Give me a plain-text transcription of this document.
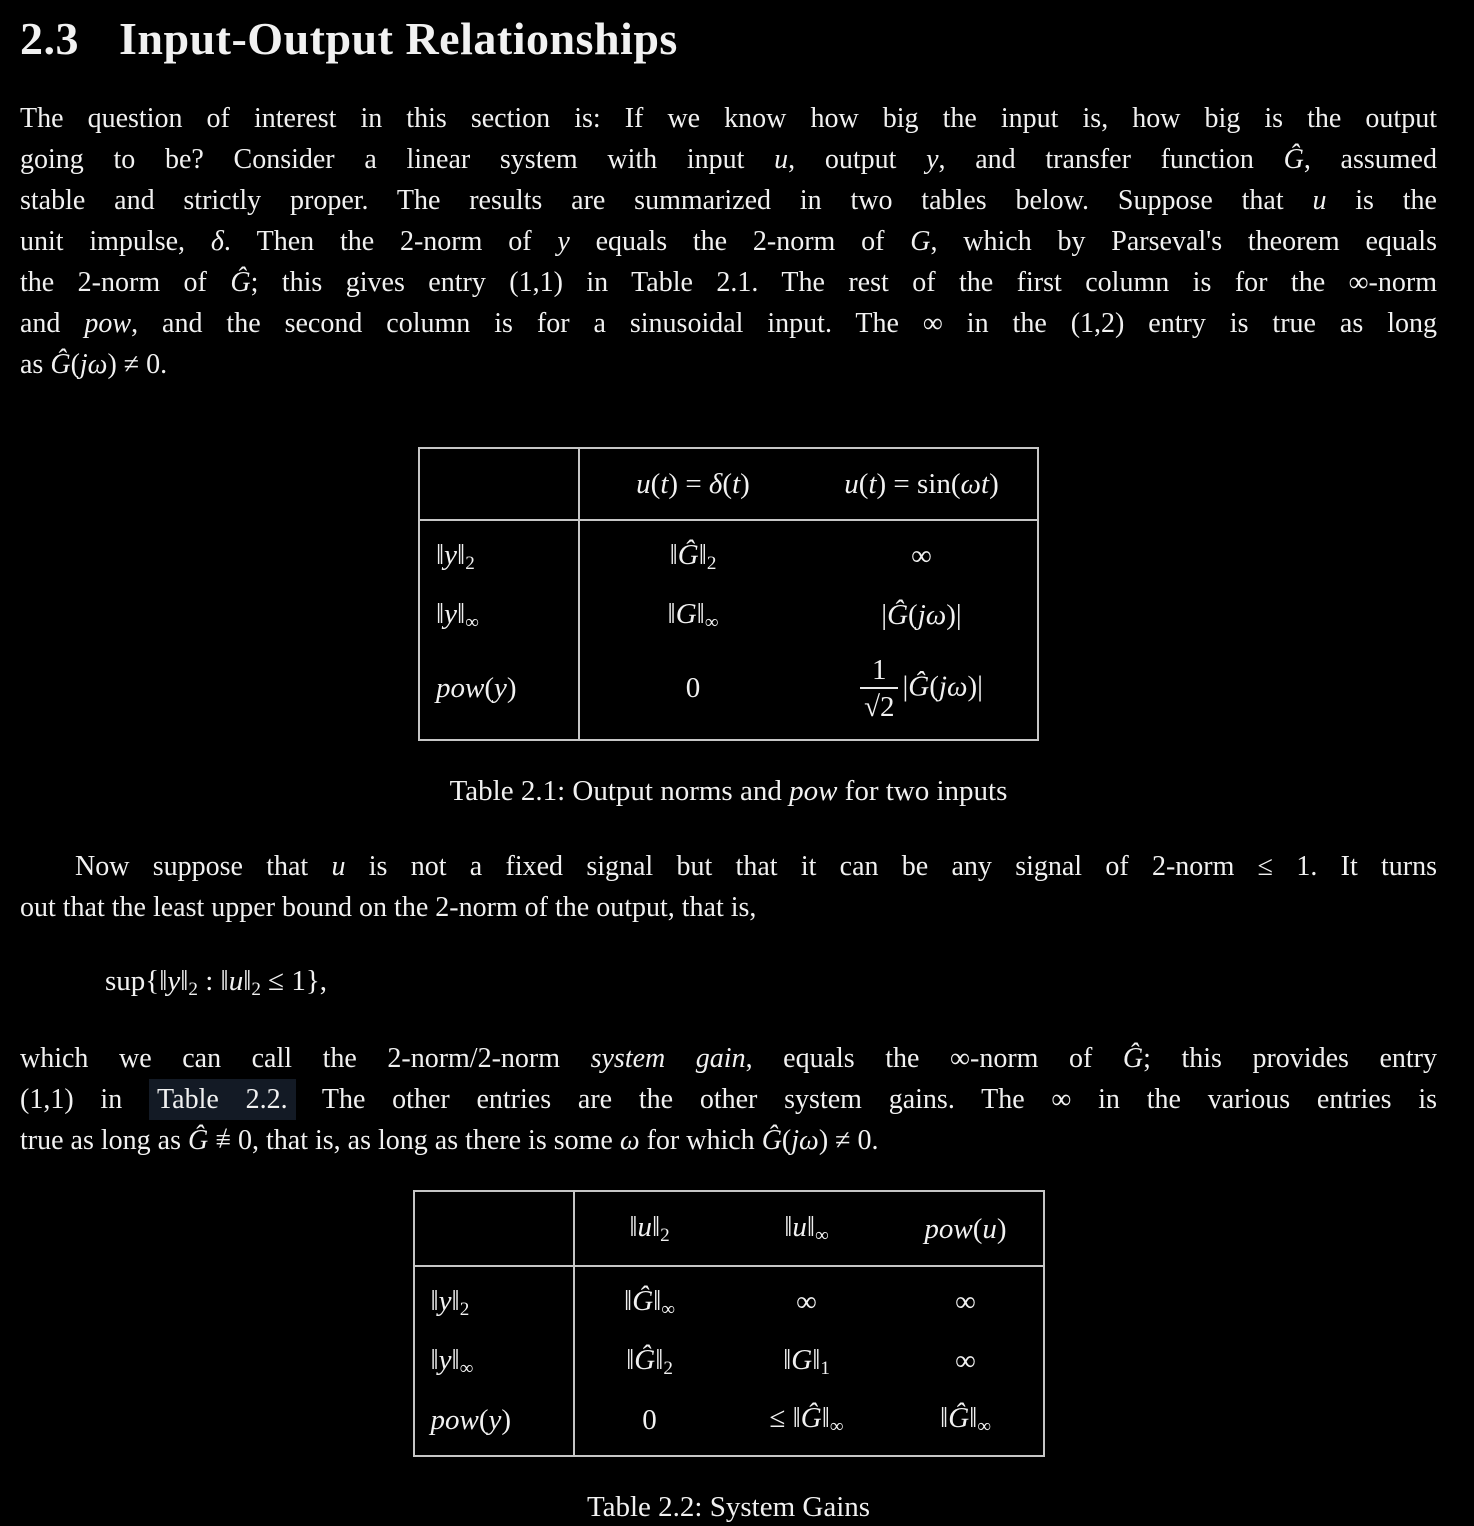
2.3 Input-Output Relationships
The question of interest in this section is: If we know how big the input is, how big is the output
going to be? Consider a linear system with input u, output y, and transfer function Ĝ, assumed
stable and strictly proper. The results are summarized in two tables below. Suppose that u is the
unit impulse, δ. Then the 2-norm of y equals the 2-norm of G, which by Parseval's theorem equals
the 2-norm of Ĝ; this gives entry (1,1) in Table 2.1. The rest of the first column is for the ∞-norm
and pow, and the second column is for a sinusoidal input. The ∞ in the (1,2) entry is true as long
as Ĝ(jω) ≠ 0.
	u(t) = δ(t)	u(t) = sin(ωt)
$‖y‖_2$	$‖Ĝ‖_2$	∞
$‖y‖_\infty$	$‖G‖_\infty$	|Ĝ(jω)|
pow(y)	0	$\frac{1}{√2}$ |Ĝ(jω)|
Table 2.1: Output norms and pow for two inputs
Now suppose that u is not a fixed signal but that it can be any signal of 2-norm ≤ 1. It turns
out that the least upper bound on the 2-norm of the output, that is,
$sup\{‖y‖_2$ : $‖u‖_2 \le 1$},
which we can call the 2-norm/2-norm system gain, equals the ∞-norm of Ĝ; this provides entry
(1,1) in Table 2.2. The other entries are the other system gains. The ∞ in the various entries is
true as long as Ĝ ≡ / 0, that is, as long as there is some ω for which Ĝ(jω) ≠ 0.
	$‖u‖_2$	$‖u‖_\infty$	pow(u)
$‖y‖_2$	$‖Ĝ‖_\infty$	∞	∞
$‖y‖_\infty$	$‖Ĝ‖_2$	$‖G‖_1$	∞
pow(y)	0	≤ $‖Ĝ‖_\infty$	$‖Ĝ‖_\infty$
Table 2.2: System Gains
